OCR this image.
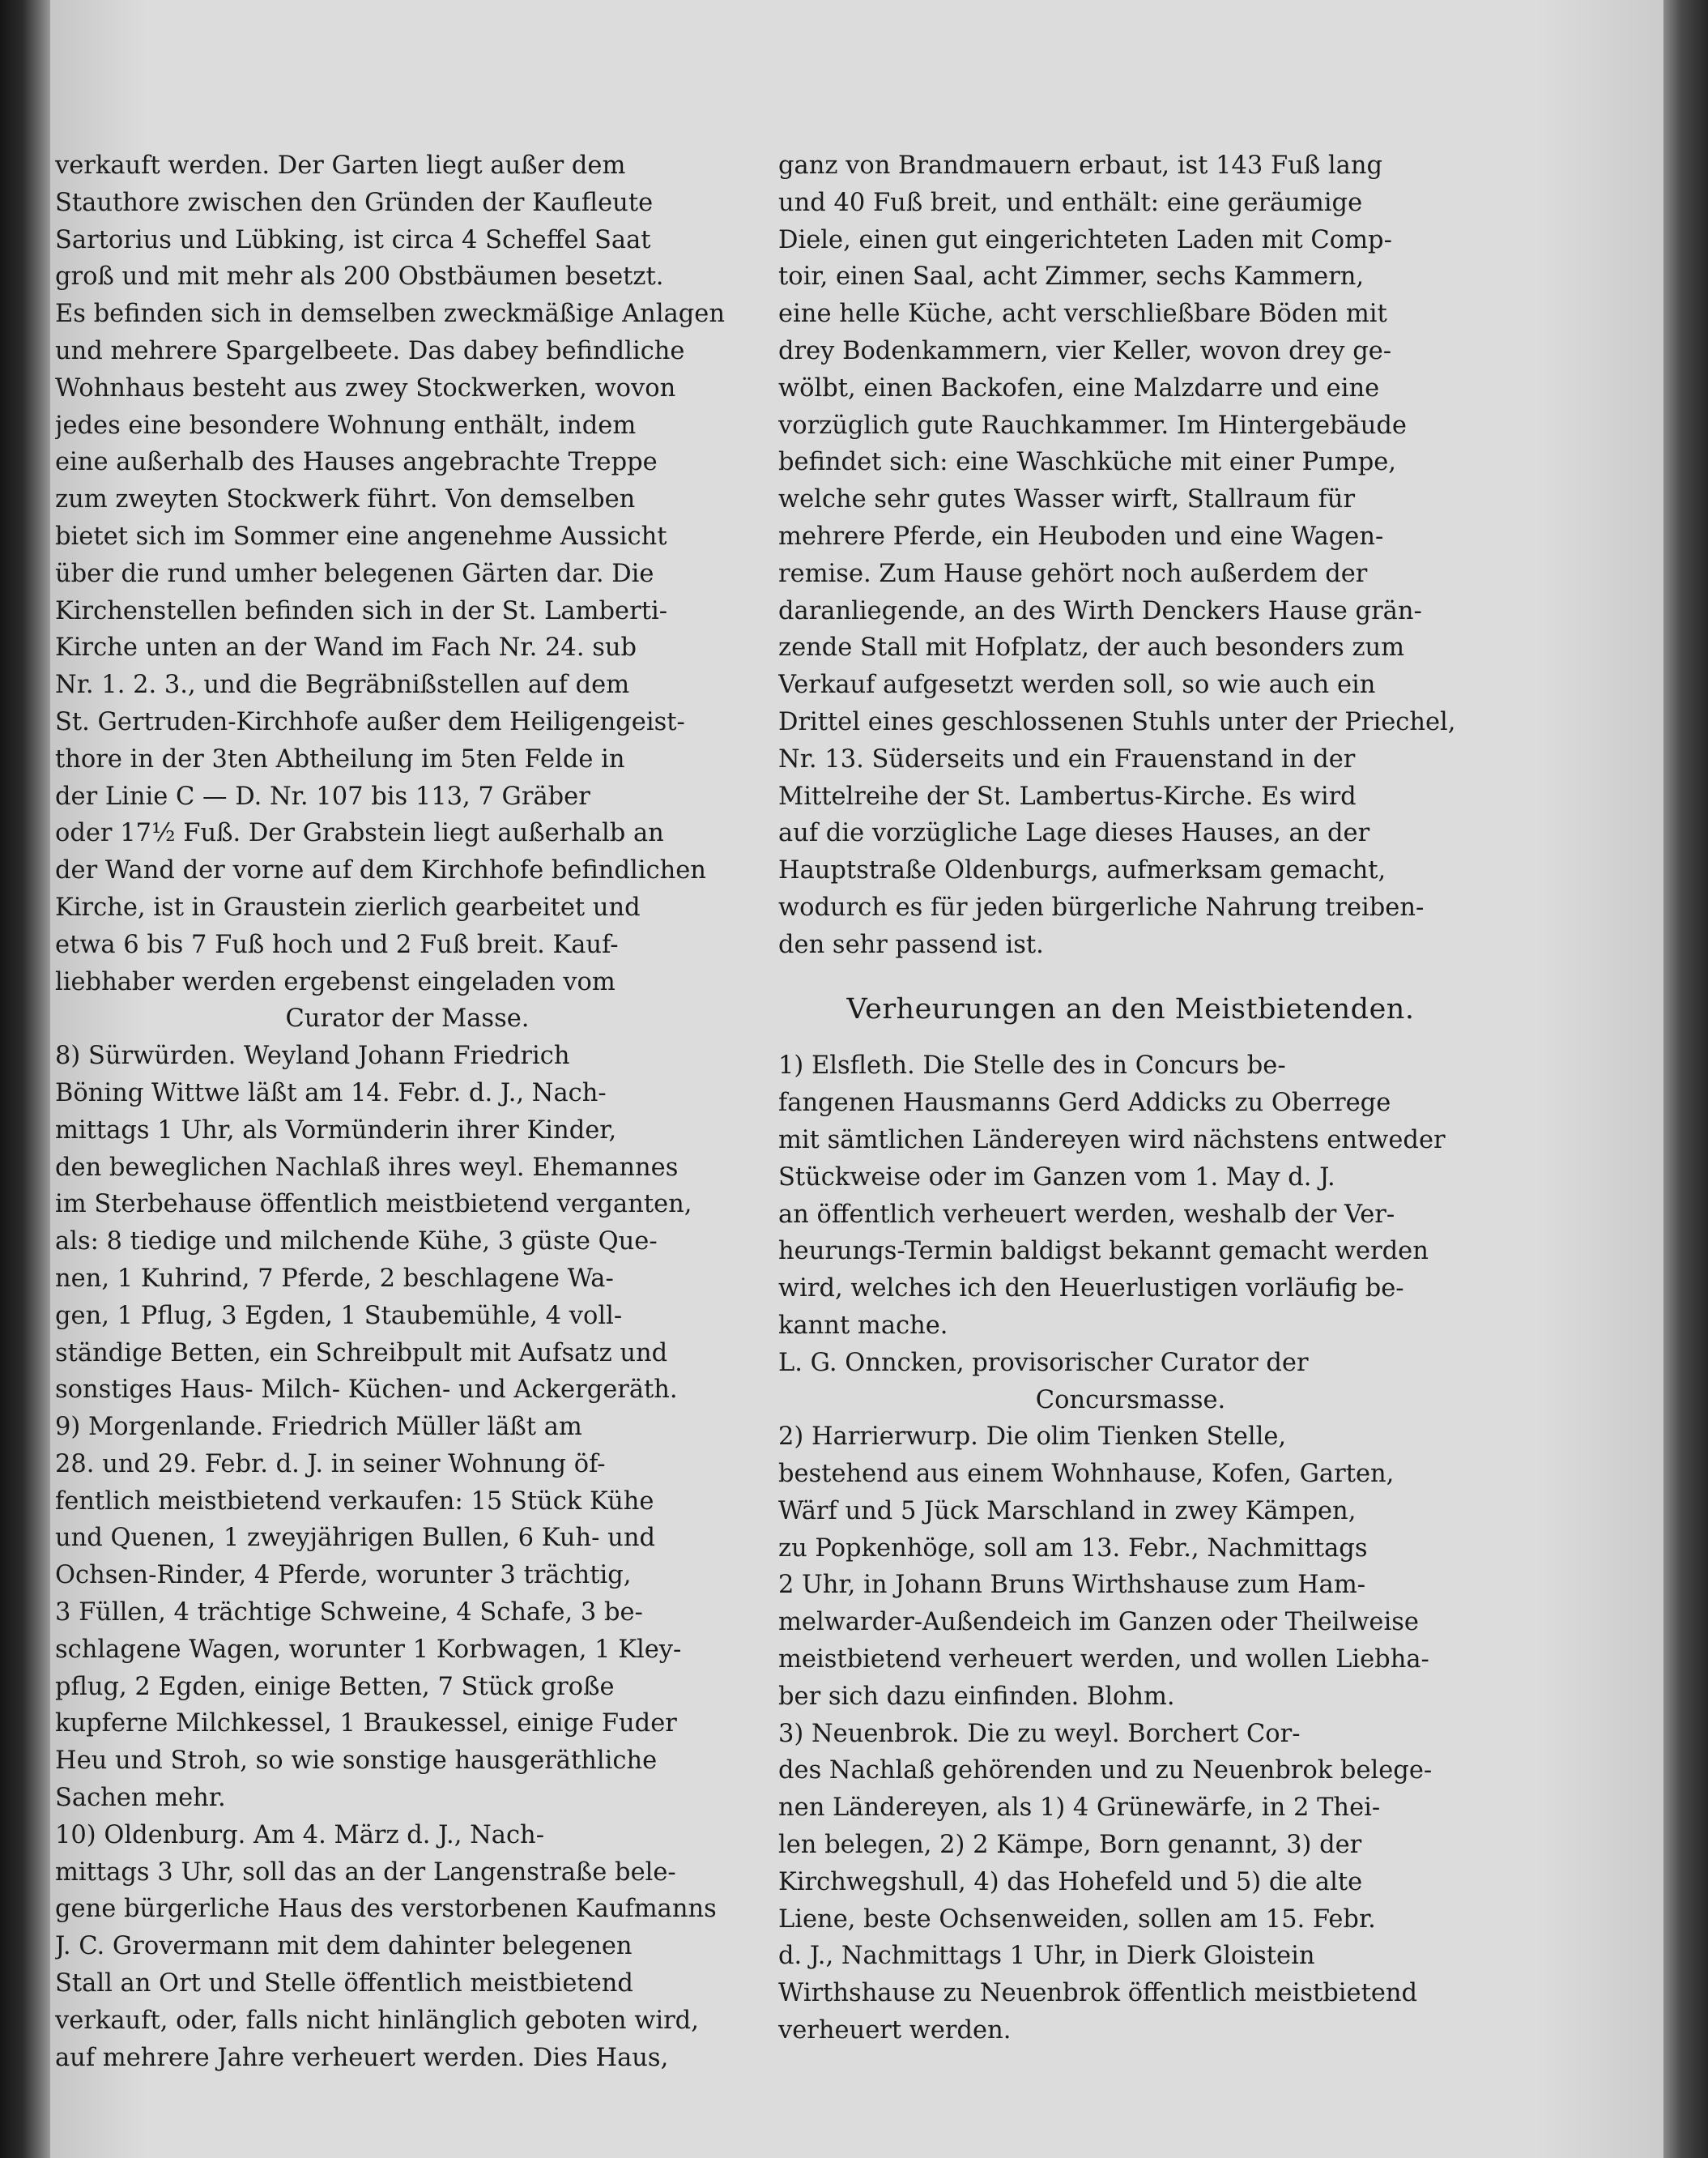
verkauft werden. Der Garten liegt außer dem
Stauthore zwischen den Gründen der Kaufleute
Sartorius und Lübking, ist circa 4 Scheffel Saat
groß und mit mehr als 200 Obstbäumen besetzt.
Es befinden sich in demselben zweckmäßige Anlagen
und mehrere Spargelbeete. Das dabey befindliche
Wohnhaus besteht aus zwey Stockwerken, wovon
jedes eine besondere Wohnung enthält, indem
eine außerhalb des Hauses angebrachte Treppe
zum zweyten Stockwerk führt. Von demselben
bietet sich im Sommer eine angenehme Aussicht
über die rund umher belegenen Gärten dar. Die
Kirchenstellen befinden sich in der St. Lamberti-
Kirche unten an der Wand im Fach Nr. 24. sub
Nr. 1. 2. 3., und die Begräbnißstellen auf dem
St. Gertruden-Kirchhofe außer dem Heiligengeist-
thore in der 3ten Abtheilung im 5ten Felde in
der Linie C — D. Nr. 107 bis 113, 7 Gräber
oder 17½ Fuß. Der Grabstein liegt außerhalb an
der Wand der vorne auf dem Kirchhofe befindlichen
Kirche, ist in Graustein zierlich gearbeitet und
etwa 6 bis 7 Fuß hoch und 2 Fuß breit. Kauf-
liebhaber werden ergebenst eingeladen vom
Curator der Masse.
8) Sürwürden. Weyland Johann Friedrich
Böning Wittwe läßt am 14. Febr. d. J., Nach-
mittags 1 Uhr, als Vormünderin ihrer Kinder,
den beweglichen Nachlaß ihres weyl. Ehemannes
im Sterbehause öffentlich meistbietend verganten,
als: 8 tiedige und milchende Kühe, 3 güste Que-
nen, 1 Kuhrind, 7 Pferde, 2 beschlagene Wa-
gen, 1 Pflug, 3 Egden, 1 Staubemühle, 4 voll-
ständige Betten, ein Schreibpult mit Aufsatz und
sonstiges Haus- Milch- Küchen- und Ackergeräth.
9) Morgenlande. Friedrich Müller läßt am
28. und 29. Febr. d. J. in seiner Wohnung öf-
fentlich meistbietend verkaufen: 15 Stück Kühe
und Quenen, 1 zweyjährigen Bullen, 6 Kuh- und
Ochsen-Rinder, 4 Pferde, worunter 3 trächtig,
3 Füllen, 4 trächtige Schweine, 4 Schafe, 3 be-
schlagene Wagen, worunter 1 Korbwagen, 1 Kley-
pflug, 2 Egden, einige Betten, 7 Stück große
kupferne Milchkessel, 1 Braukessel, einige Fuder
Heu und Stroh, so wie sonstige hausgeräthliche
Sachen mehr.
10) Oldenburg. Am 4. März d. J., Nach-
mittags 3 Uhr, soll das an der Langenstraße bele-
gene bürgerliche Haus des verstorbenen Kaufmanns
J. C. Grovermann mit dem dahinter belegenen
Stall an Ort und Stelle öffentlich meistbietend
verkauft, oder, falls nicht hinlänglich geboten wird,
auf mehrere Jahre verheuert werden. Dies Haus,
ganz von Brandmauern erbaut, ist 143 Fuß lang
und 40 Fuß breit, und enthält: eine geräumige
Diele, einen gut eingerichteten Laden mit Comp-
toir, einen Saal, acht Zimmer, sechs Kammern,
eine helle Küche, acht verschließbare Böden mit
drey Bodenkammern, vier Keller, wovon drey ge-
wölbt, einen Backofen, eine Malzdarre und eine
vorzüglich gute Rauchkammer. Im Hintergebäude
befindet sich: eine Waschküche mit einer Pumpe,
welche sehr gutes Wasser wirft, Stallraum für
mehrere Pferde, ein Heuboden und eine Wagen-
remise. Zum Hause gehört noch außerdem der
daranliegende, an des Wirth Denckers Hause grän-
zende Stall mit Hofplatz, der auch besonders zum
Verkauf aufgesetzt werden soll, so wie auch ein
Drittel eines geschlossenen Stuhls unter der Priechel,
Nr. 13. Süderseits und ein Frauenstand in der
Mittelreihe der St. Lambertus-Kirche. Es wird
auf die vorzügliche Lage dieses Hauses, an der
Hauptstraße Oldenburgs, aufmerksam gemacht,
wodurch es für jeden bürgerliche Nahrung treiben-
den sehr passend ist.
Verheurungen an den Meistbietenden.
1) Elsfleth. Die Stelle des in Concurs be-
fangenen Hausmanns Gerd Addicks zu Oberrege
mit sämtlichen Ländereyen wird nächstens entweder
Stückweise oder im Ganzen vom 1. May d. J.
an öffentlich verheuert werden, weshalb der Ver-
heurungs-Termin baldigst bekannt gemacht werden
wird, welches ich den Heuerlustigen vorläufig be-
kannt mache.
L. G. Onncken, provisorischer Curator der
Concursmasse.
2) Harrierwurp. Die olim Tienken Stelle,
bestehend aus einem Wohnhause, Kofen, Garten,
Wärf und 5 Jück Marschland in zwey Kämpen,
zu Popkenhöge, soll am 13. Febr., Nachmittags
2 Uhr, in Johann Bruns Wirthshause zum Ham-
melwarder-Außendeich im Ganzen oder Theilweise
meistbietend verheuert werden, und wollen Liebha-
ber sich dazu einfinden. Blohm.
3) Neuenbrok. Die zu weyl. Borchert Cor-
des Nachlaß gehörenden und zu Neuenbrok belege-
nen Ländereyen, als 1) 4 Grünewärfe, in 2 Thei-
len belegen, 2) 2 Kämpe, Born genannt, 3) der
Kirchwegshull, 4) das Hohefeld und 5) die alte
Liene, beste Ochsenweiden, sollen am 15. Febr.
d. J., Nachmittags 1 Uhr, in Dierk Gloistein
Wirthshause zu Neuenbrok öffentlich meistbietend
verheuert werden.
